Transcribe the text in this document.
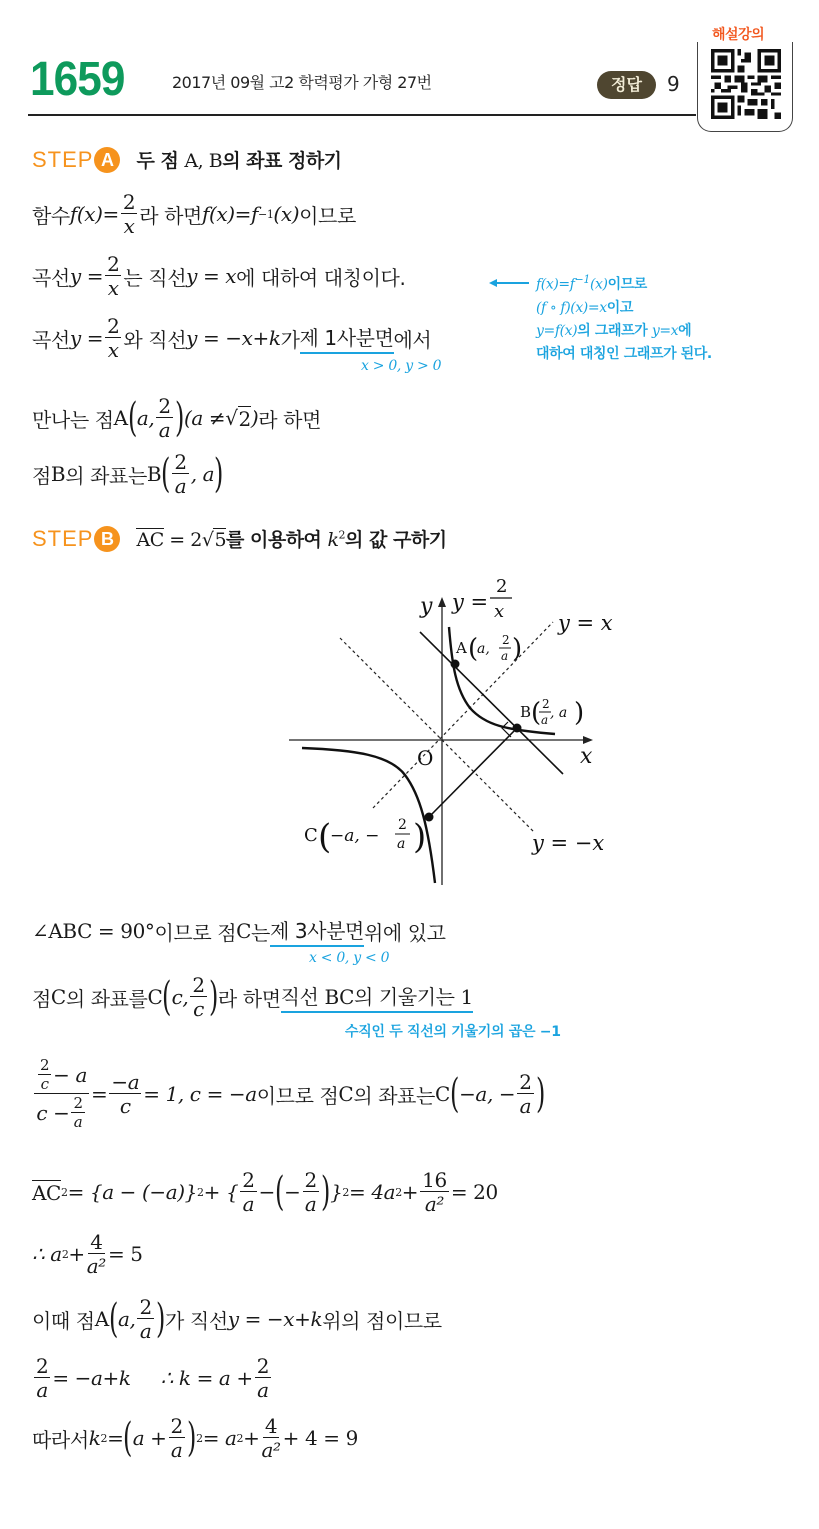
1659	2017년 09월 고2 학력평가 가형 27번	정답	9
해설강의
STEP A	두 점 A, B의 좌표 정하기
함수 $f(x)= \frac{2}{x}$ 라 하면 f(x)=f −1 (x) 이므로
곡선 $y = \frac{2}{x}$ 는 직선 y = x 에 대하여 대칭이다.	$f(x)=f^{-1}(x)$이므로
(f ∘ f)(x)=x이고
y=f(x)의 그래프가 y=x에
대하여 대칭인 그래프가 된다.
곡선 $y = \frac{2}{x}$ 와 직선 y = −x+k 가 제 1사분면 에서
x > 0, y > 0
만나는 점 A ( a, $\frac{2}{a}$ ) (a ≠ √ 2 ) 라 하면
점 B 의 좌표는 B ( $\frac{2}{a}$ , a )
STEP B	AC = 2√5를 이용하여 $k^2$의 값 구하기
y
x
O
y =
2
x	y = x
y = −x
A (
a,
2
a )
B ( 2
a , a )
C (
−a, −
2
a )
∠ABC = 90° 이므로 점 C 는 제 3사분면 위에 있고
x < 0, y < 0
점 C 의 좌표를 C ( c, $\frac{2}{c}$ ) 라 하면 직선 BC의 기울기는 1
수직인 두 직선의 기울기의 곱은 −1
$\frac{\frac{2}{c} - a}{c - \frac{2}{a}} = \frac{-a}{c} = 1$, c = −a 이므로 점 C 의 좌표는 C ( −a, − $\frac{2}{a}$ )
AC 2 = {a − (−a)} 2 + { $\frac{2}{a}$ − ( − $\frac{2}{a}$ ) } 2 = 4a $2 + \frac{16}{\text{a²}} = 20$
∴ a $2 + \frac{4}{\text{a²}} = 5$
이때 점 A ( a, $\frac{2}{a}$ ) 가 직선 y = −x+k 위의 점이므로
$\frac{2}{a} = -a+k$ ∴ $k = a + \frac{2}{a}$
따라서 k 2 = ( $a + \frac{2}{a}$ ) 2 = a $2 + \frac{4}{\text{a²}} + 4 = 9$
